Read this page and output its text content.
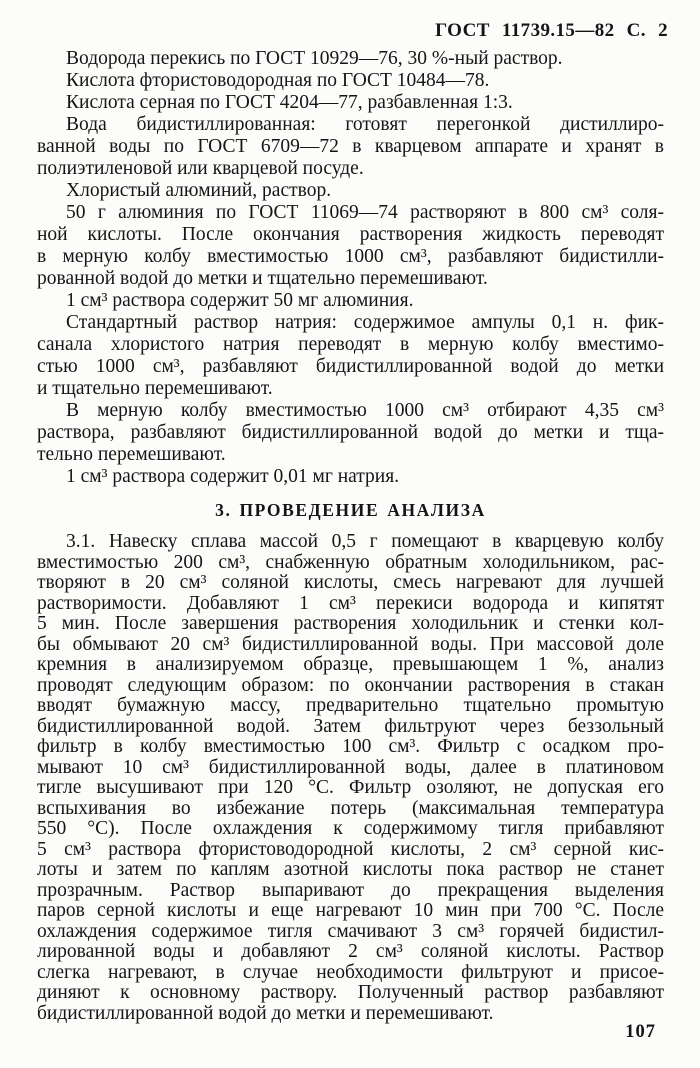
ГОСТ 11739.15—82 С. 2
Водорода перекись по ГОСТ 10929—76, 30 %-ный раствор.
Кислота фтористоводородная по ГОСТ 10484—78.
Кислота серная по ГОСТ 4204—77, разбавленная 1:3.
Вода бидистиллированная: готовят перегонкой дистиллиро-
ванной воды по ГОСТ 6709—72 в кварцевом аппарате и хранят в
полиэтиленовой или кварцевой посуде.
Хлористый алюминий, раствор.
50 г алюминия по ГОСТ 11069—74 растворяют в 800 см³ соля-
ной кислоты. После окончания растворения жидкость переводят
в мерную колбу вместимостью 1000 см³, разбавляют бидистилли-
рованной водой до метки и тщательно перемешивают.
1 см³ раствора содержит 50 мг алюминия.
Стандартный раствор натрия: содержимое ампулы 0,1 н. фик-
санала хлористого натрия переводят в мерную колбу вместимо-
стью 1000 см³, разбавляют бидистиллированной водой до метки
и тщательно перемешивают.
В мерную колбу вместимостью 1000 см³ отбирают 4,35 см³
раствора, разбавляют бидистиллированной водой до метки и тща-
тельно перемешивают.
1 см³ раствора содержит 0,01 мг натрия.
3. ПРОВЕДЕНИЕ АНАЛИЗА
3.1. Навеску сплава массой 0,5 г помещают в кварцевую колбу
вместимостью 200 см³, снабженную обратным холодильником, рас-
творяют в 20 см³ соляной кислоты, смесь нагревают для лучшей
растворимости. Добавляют 1 см³ перекиси водорода и кипятят
5 мин. После завершения растворения холодильник и стенки кол-
бы обмывают 20 см³ бидистиллированной воды. При массовой доле
кремния в анализируемом образце, превышающем 1 %, анализ
проводят следующим образом: по окончании растворения в стакан
вводят бумажную массу, предварительно тщательно промытую
бидистиллированной водой. Затем фильтруют через беззольный
фильтр в колбу вместимостью 100 см³. Фильтр с осадком про-
мывают 10 см³ бидистиллированной воды, далее в платиновом
тигле высушивают при 120 °С. Фильтр озоляют, не допуская его
вспыхивания во избежание потерь (максимальная температура
550 °С). После охлаждения к содержимому тигля прибавляют
5 см³ раствора фтористоводородной кислоты, 2 см³ серной кис-
лоты и затем по каплям азотной кислоты пока раствор не станет
прозрачным. Раствор выпаривают до прекращения выделения
паров серной кислоты и еще нагревают 10 мин при 700 °С. После
охлаждения содержимое тигля смачивают 3 см³ горячей бидистил-
лированной воды и добавляют 2 см³ соляной кислоты. Раствор
слегка нагревают, в случае необходимости фильтруют и присое-
диняют к основному раствору. Полученный раствор разбавляют
бидистиллированной водой до метки и перемешивают.
107
